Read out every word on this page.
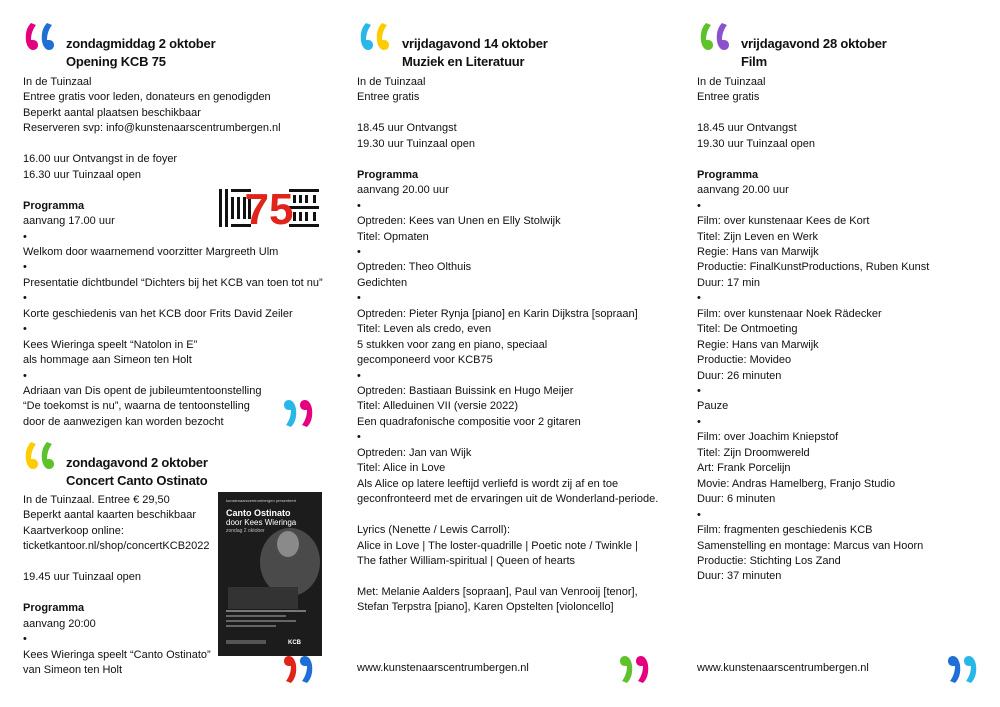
zondagmiddag 2 oktober
Opening KCB 75
In de Tuinzaal
Entree gratis voor leden, donateurs en genodigden
Beperkt aantal plaatsen beschikbaar
Reserveren svp: info@kunstenaarscentrumbergen.nl
16.00 uur Ontvangst in de foyer
16.30 uur Tuinzaal open
Programma
aanvang 17.00 uur
•
Welkom door waarnemend voorzitter Margreeth Ulm
•
Presentatie dichtbundel “Dichters bij het KCB van toen tot nu”
•
Korte geschiedenis van het KCB door Frits David Zeiler
•
Kees Wieringa speelt “Natolon in E”
als hommage aan Simeon ten Holt
•
Adriaan van Dis opent de jubileumtentoonstelling
“De toekomst is nu”, waarna de tentoonstelling
door de aanwezigen kan worden bezocht
75
zondagavond 2 oktober
Concert Canto Ostinato
In de Tuinzaal. Entree € 29,50
Beperkt aantal kaarten beschikbaar
Kaartverkoop online:
ticketkantoor.nl/shop/concertKCB2022
19.45 uur Tuinzaal open
Programma
aanvang 20:00
•
Kees Wieringa speelt “Canto Ostinato”
van Simeon ten Holt
kunstenaarscentrumbergen presenteert
Canto Ostinato
door Kees Wieringa
zondag 2 oktober
KCB
vrijdagavond 14 oktober
Muziek en Literatuur
In de Tuinzaal
Entree gratis
18.45 uur Ontvangst
19.30 uur Tuinzaal open
Programma
aanvang 20.00 uur
•
Optreden: Kees van Unen en Elly Stolwijk
Titel: Opmaten
•
Optreden: Theo Olthuis
Gedichten
•
Optreden: Pieter Rynja [piano] en Karin Dijkstra [sopraan]
Titel: Leven als credo, even
5 stukken voor zang en piano, speciaal
gecomponeerd voor KCB75
•
Optreden: Bastiaan Buissink en Hugo Meijer
Titel: Alleduinen VII (versie 2022)
Een quadrafonische compositie voor 2 gitaren
•
Optreden: Jan van Wijk
Titel: Alice in Love
Als Alice op latere leeftijd verliefd is wordt zij af en toe
geconfronteerd met de ervaringen uit de Wonderland-periode.
Lyrics (Nenette / Lewis Carroll):
Alice in Love | The loster-quadrille | Poetic note / Twinkle |
The father William-spiritual | Queen of hearts
Met: Melanie Aalders [sopraan], Paul van Venrooij [tenor],
Stefan Terpstra [piano], Karen Opstelten [violoncello]
www.kunstenaarscentrumbergen.nl
vrijdagavond 28 oktober
Film
In de Tuinzaal
Entree gratis
18.45 uur Ontvangst
19.30 uur Tuinzaal open
Programma
aanvang 20.00 uur
•
Film: over kunstenaar Kees de Kort
Titel: Zijn Leven en Werk
Regie: Hans van Marwijk
Productie: FinalKunstProductions, Ruben Kunst
Duur: 17 min
•
Film: over kunstenaar Noek Rädecker
Titel: De Ontmoeting
Regie: Hans van Marwijk
Productie: Movideo
Duur: 26 minuten
•
Pauze
•
Film: over Joachim Kniepstof
Titel: Zijn Droomwereld
Art: Frank Porcelijn
Movie: Andras Hamelberg, Franjo Studio
Duur: 6 minuten
•
Film: fragmenten geschiedenis KCB
Samenstelling en montage: Marcus van Hoorn
Productie: Stichting Los Zand
Duur: 37 minuten
www.kunstenaarscentrumbergen.nl
